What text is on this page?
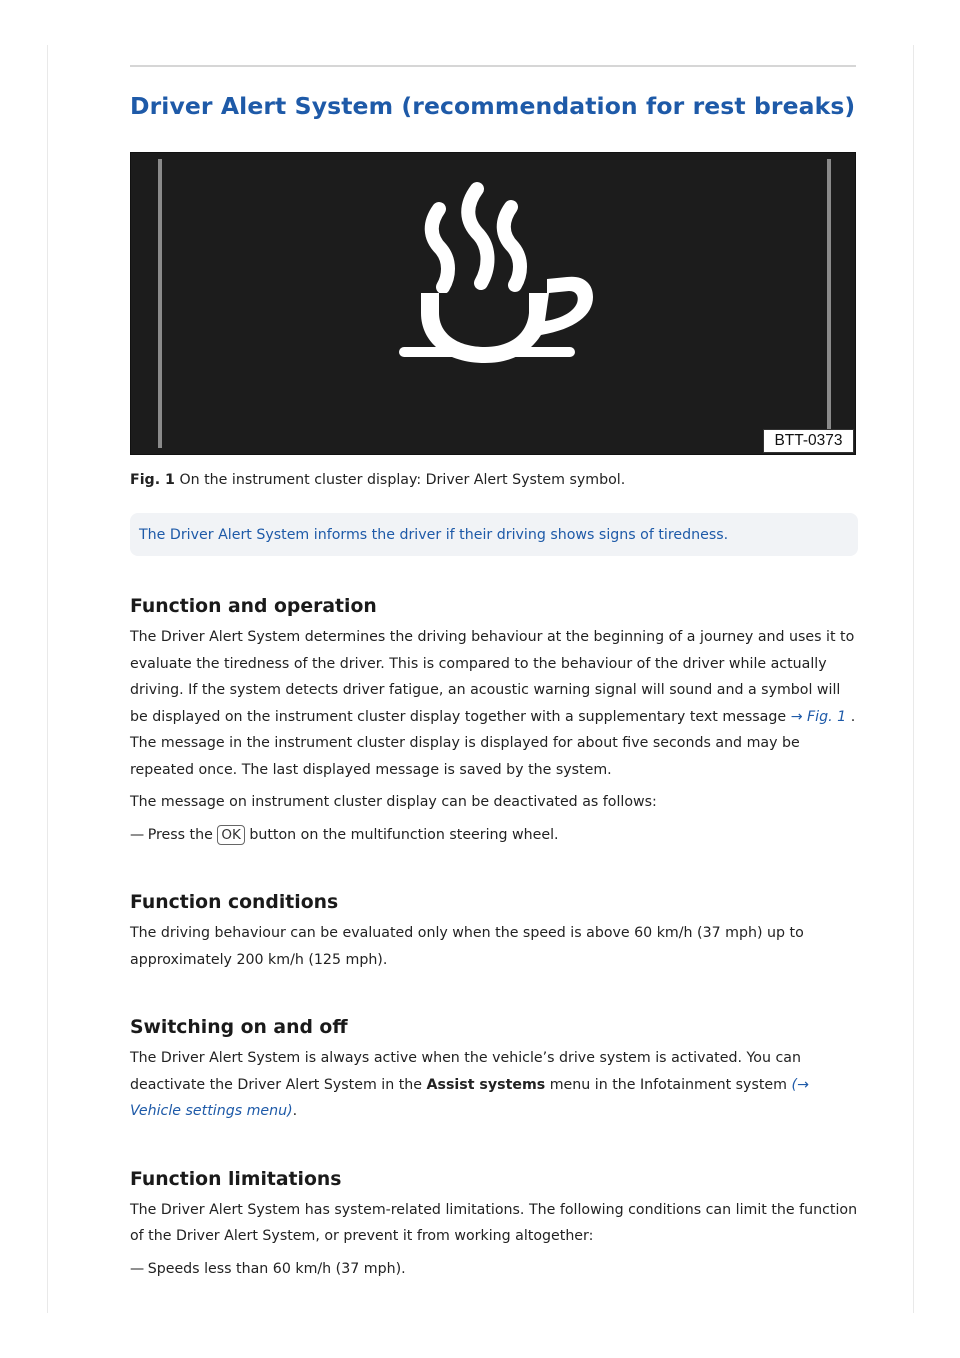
Driver Alert System (recommendation for rest breaks)
BTT-0373
Fig. 1 On the instrument cluster display: Driver Alert System symbol.
The Driver Alert System informs the driver if their driving shows signs of tiredness.
Function and operation

The Driver Alert System determines the driving behaviour at the beginning of a journey and uses it to evaluate the tiredness of the driver. This is compared to the behaviour of the driver while actually driving. If the system detects driver fatigue, an acoustic warning signal will sound and a symbol will be displayed on the instrument cluster display together with a supplementary text message → Fig. 1 . The message in the instrument cluster display is displayed for about five seconds and may be repeated once. The last displayed message is saved by the system.

The message on instrument cluster display can be deactivated as follows:

— Press the OK button on the multifunction steering wheel.

Function conditions

The driving behaviour can be evaluated only when the speed is above 60 km/h (37 mph) up to approximately 200 km/h (125 mph).

Switching on and off

The Driver Alert System is always active when the vehicle’s drive system is activated. You can deactivate the Driver Alert System in the Assist systems menu in the Infotainment system (→ Vehicle settings menu).

Function limitations

The Driver Alert System has system-related limitations. The following conditions can limit the function of the Driver Alert System, or prevent it from working altogether:

— Speeds less than 60 km/h (37 mph).
